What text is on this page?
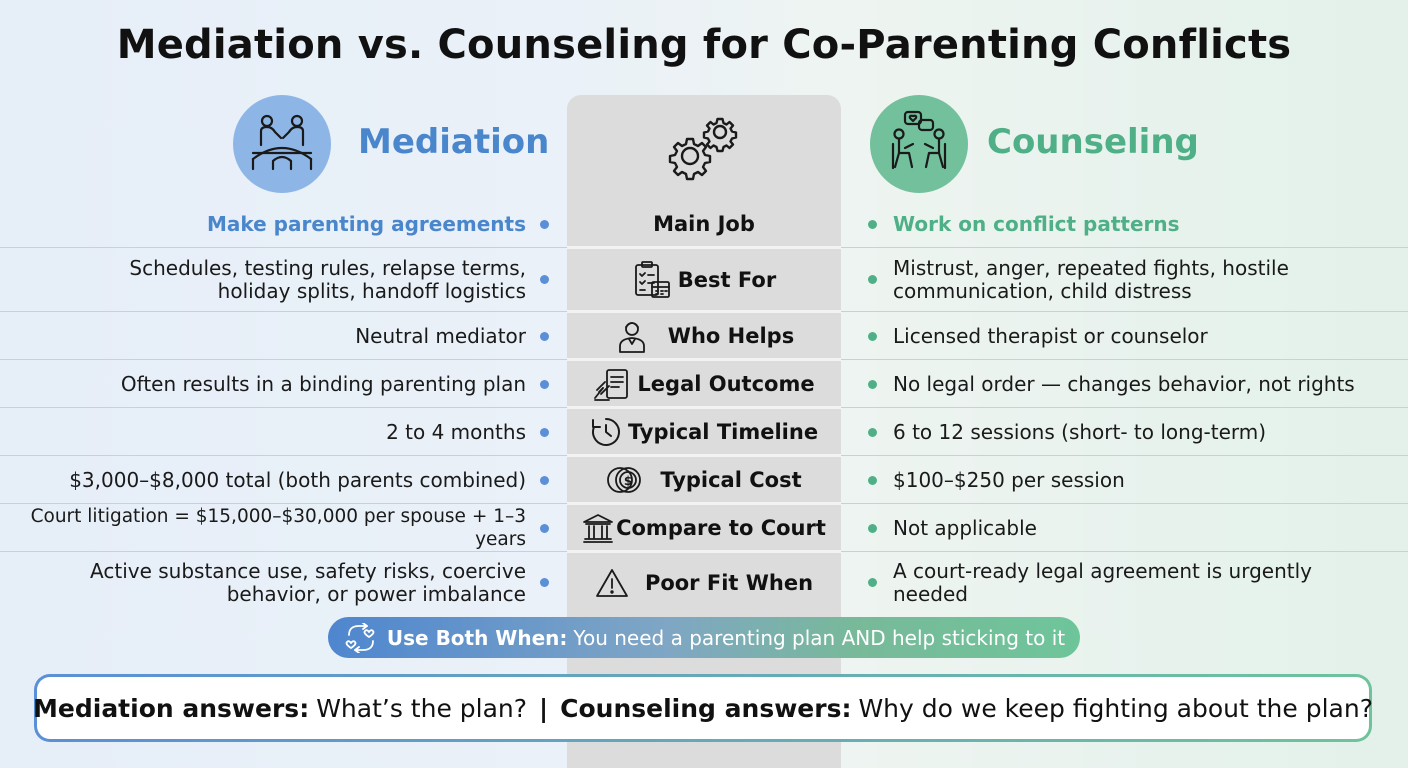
Mediation vs. Counseling for Co-Parenting Conflicts
Mediation	Counseling
Make parenting agreements	Main Job	Work on conflict patterns
Schedules, testing rules, relapse terms,
holiday splits, handoff logistics	Best For	Mistrust, anger, repeated fights, hostile
communication, child distress
Neutral mediator	Who Helps	Licensed therapist or counselor
Often results in a binding parenting plan	Legal Outcome	No legal order — changes behavior, not rights
2 to 4 months	Typical Timeline	6 to 12 sessions (short- to long-term)
$3,000–$8,000 total (both parents combined)	$ Typical Cost	$100–$250 per session
Court litigation = $15,000–$30,000 per spouse + 1–3 years	Compare to Court	Not applicable
Active substance use, safety risks, coercive
behavior, or power imbalance	Poor Fit When	A court-ready legal agreement is urgently
needed
Use Both When: You need a parenting plan AND help sticking to it
Mediation answers: What’s the plan? | Counseling answers: Why do we keep fighting about the plan?
